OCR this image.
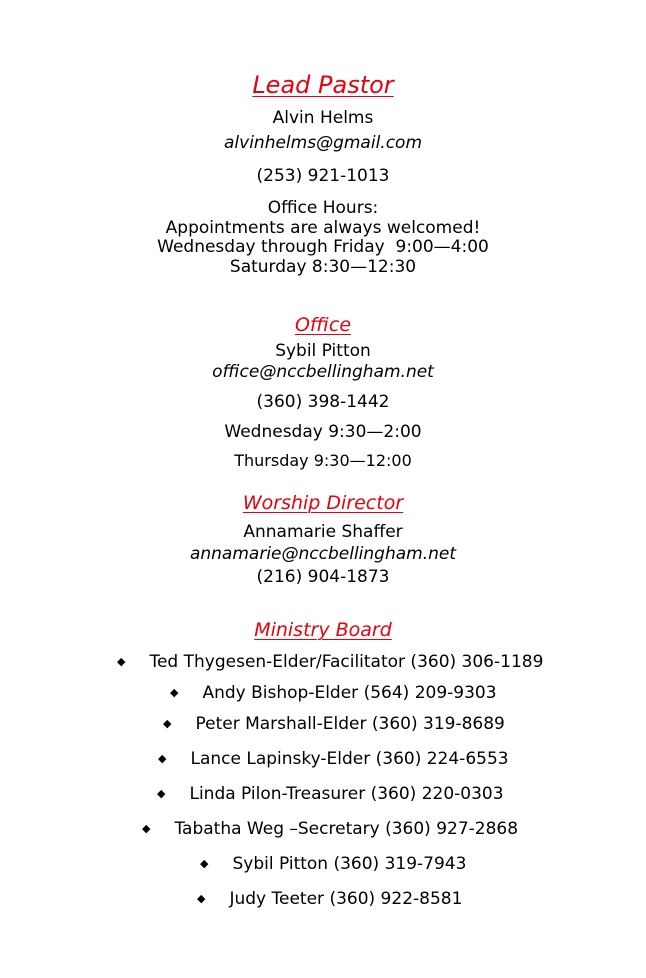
Lead Pastor
Alvin Helms
alvinhelms@gmail.com
(253) 921-1013
Office Hours:
Appointments are always welcomed!
Wednesday through Friday  9:00—4:00
Saturday 8:30—12:30
Office
Sybil Pitton
office@nccbellingham.net
(360) 398-1442
Wednesday 9:30—2:00
Thursday 9:30—12:00
Worship Director
Annamarie Shaffer
annamarie@nccbellingham.net
(216) 904-1873
Ministry Board
◆ Ted Thygesen-Elder/Facilitator (360) 306-1189
◆ Andy Bishop-Elder (564) 209-9303
◆ Peter Marshall-Elder (360) 319-8689
◆ Lance Lapinsky-Elder (360) 224-6553
◆ Linda Pilon-Treasurer (360) 220-0303
◆ Tabatha Weg –Secretary (360) 927-2868
◆ Sybil Pitton (360) 319-7943
◆ Judy Teeter (360) 922-8581
